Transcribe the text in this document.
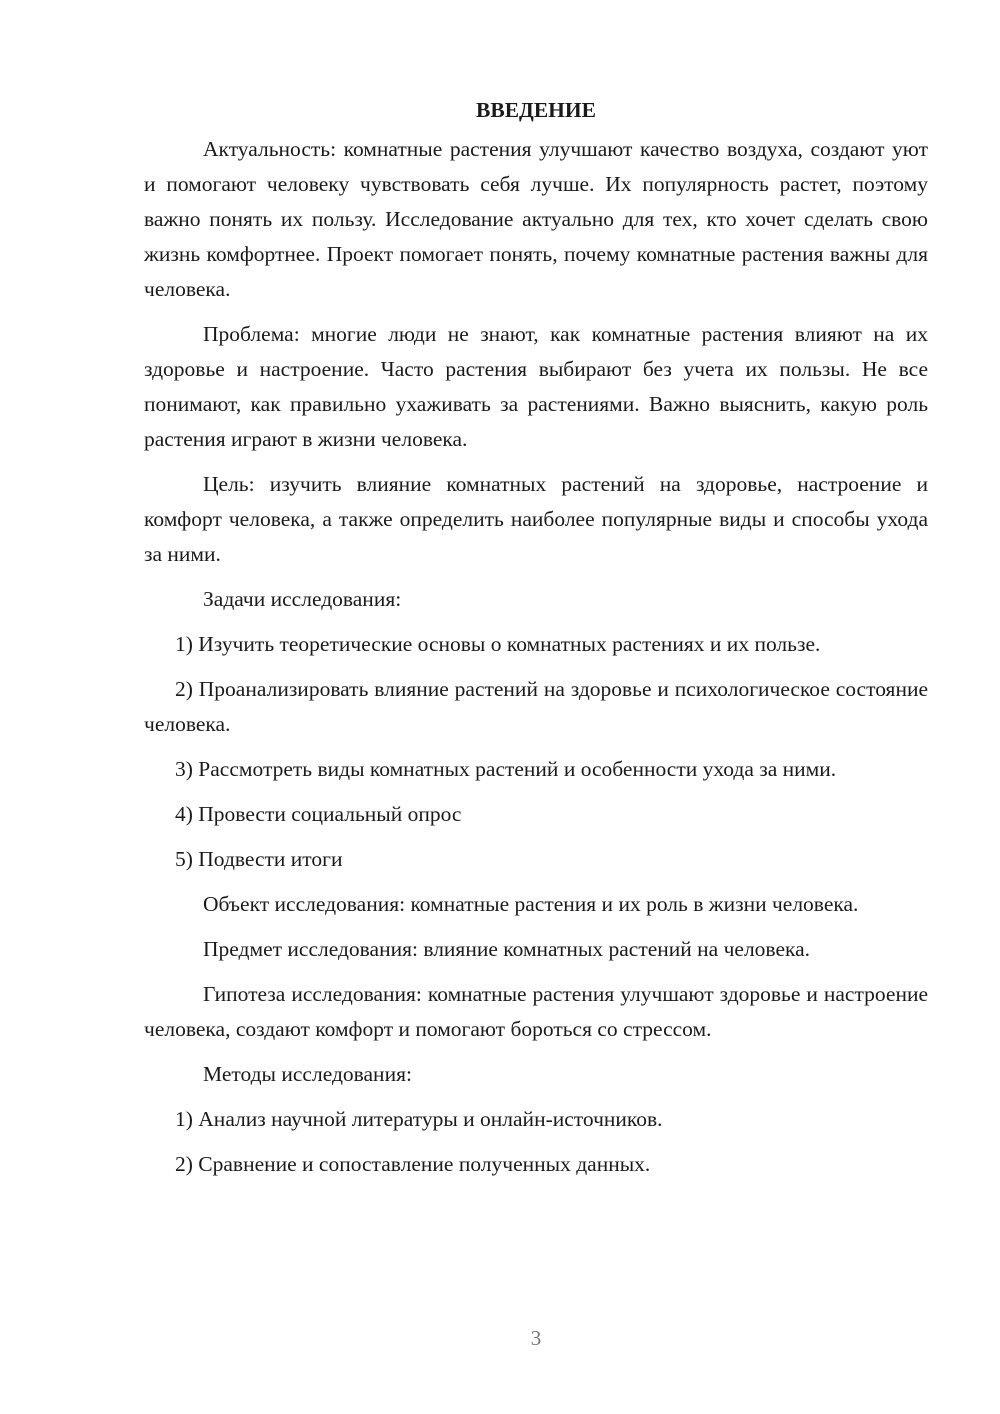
ВВЕДЕНИЕ

Актуальность: комнатные растения улучшают качество воздуха, создают уют и помогают человеку чувствовать себя лучше. Их популярность растет, поэтому важно понять их пользу. Исследование актуально для тех, кто хочет сделать свою жизнь комфортнее. Проект помогает понять, почему комнатные растения важны для человека.

Проблема: многие люди не знают, как комнатные растения влияют на их здоровье и настроение. Часто растения выбирают без учета их пользы. Не все понимают, как правильно ухаживать за растениями. Важно выяснить, какую роль растения играют в жизни человека.

Цель: изучить влияние комнатных растений на здоровье, настроение и комфорт человека, а также определить наиболее популярные виды и способы ухода за ними.

Задачи исследования:

1) Изучить теоретические основы о комнатных растениях и их пользе.

2) Проанализировать влияние растений на здоровье и психологическое состояние человека.

3) Рассмотреть виды комнатных растений и особенности ухода за ними.

4) Провести социальный опрос

5) Подвести итоги

Объект исследования: комнатные растения и их роль в жизни человека.

Предмет исследования: влияние комнатных растений на человека.

Гипотеза исследования: комнатные растения улучшают здоровье и настроение человека, создают комфорт и помогают бороться со стрессом.

Методы исследования:

1) Анализ научной литературы и онлайн-источников.

2) Сравнение и сопоставление полученных данных.

3
